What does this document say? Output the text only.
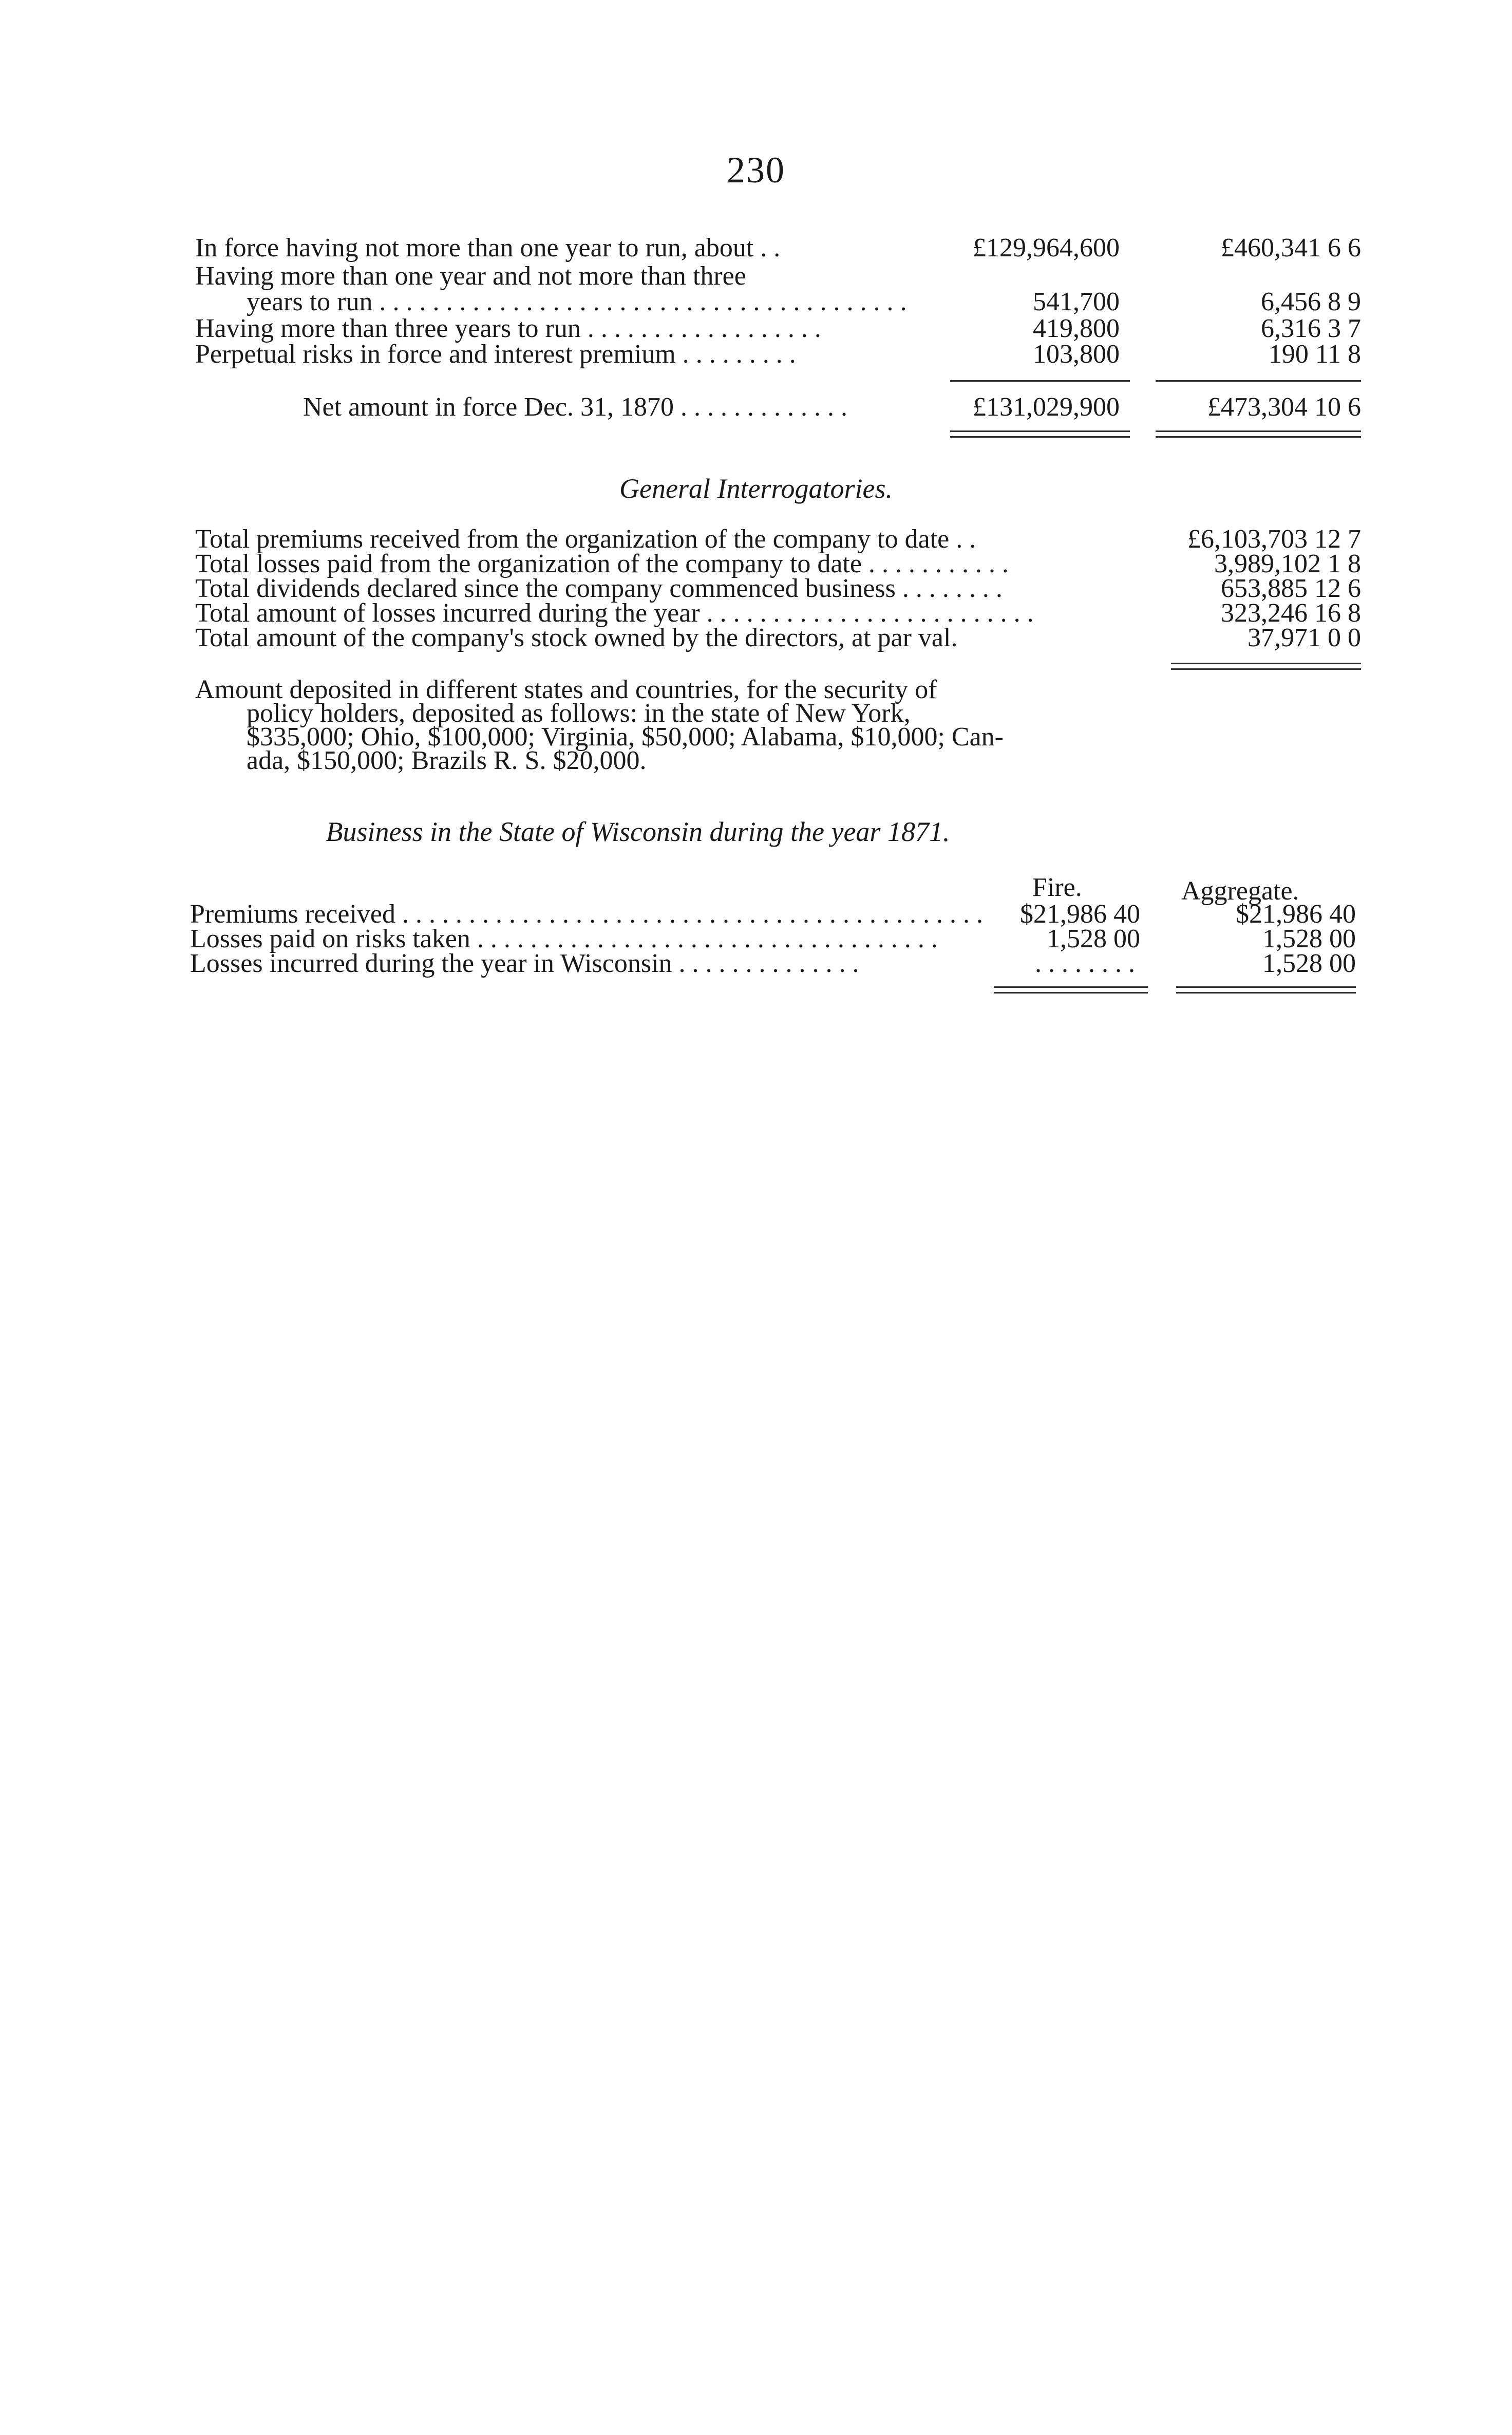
230
In force having not more than one year to run, about . .	£129,964,600	£460,341 6 6
Having more than one year and not more than three
years to run . . . . . . . . . . . . . . . . . . . . . . . . . . . . . . . . . . . . . . . .	541,700	6,456 8 9
Having more than three years to run . . . . . . . . . . . . . . . . . .	419,800	6,316 3 7
Perpetual risks in force and interest premium . . . . . . . . .	103,800	190 11 8
Net amount in force Dec. 31, 1870 . . . . . . . . . . . . .	£131,029,900	£473,304 10 6
General Interrogatories.
Total premiums received from the organization of the company to date . .	£6,103,703 12 7
Total losses paid from the organization of the company to date . . . . . . . . . . .	3,989,102 1 8
Total dividends declared since the company commenced business . . . . . . . .	653,885 12 6
Total amount of losses incurred during the year . . . . . . . . . . . . . . . . . . . . . . . . .	323,246 16 8
Total amount of the company's stock owned by the directors, at par val.	37,971 0 0
Amount deposited in different states and countries, for the security of
policy holders, deposited as follows: in the state of New York,
$335,000; Ohio, $100,000; Virginia, $50,000; Alabama, $10,000; Can-
ada, $150,000; Brazils R. S. $20,000.
Business in the State of Wisconsin during the year 1871.
Fire.	Aggregate.
Premiums received . . . . . . . . . . . . . . . . . . . . . . . . . . . . . . . . . . . . . . . . . . . . $21,986 40	$21,986 40
Losses paid on risks taken . . . . . . . . . . . . . . . . . . . . . . . . . . . . . . . . . . .	1,528 00	1,528 00
Losses incurred during the year in Wisconsin . . . . . . . . . . . . . .	. . . . . . . .	1,528 00
